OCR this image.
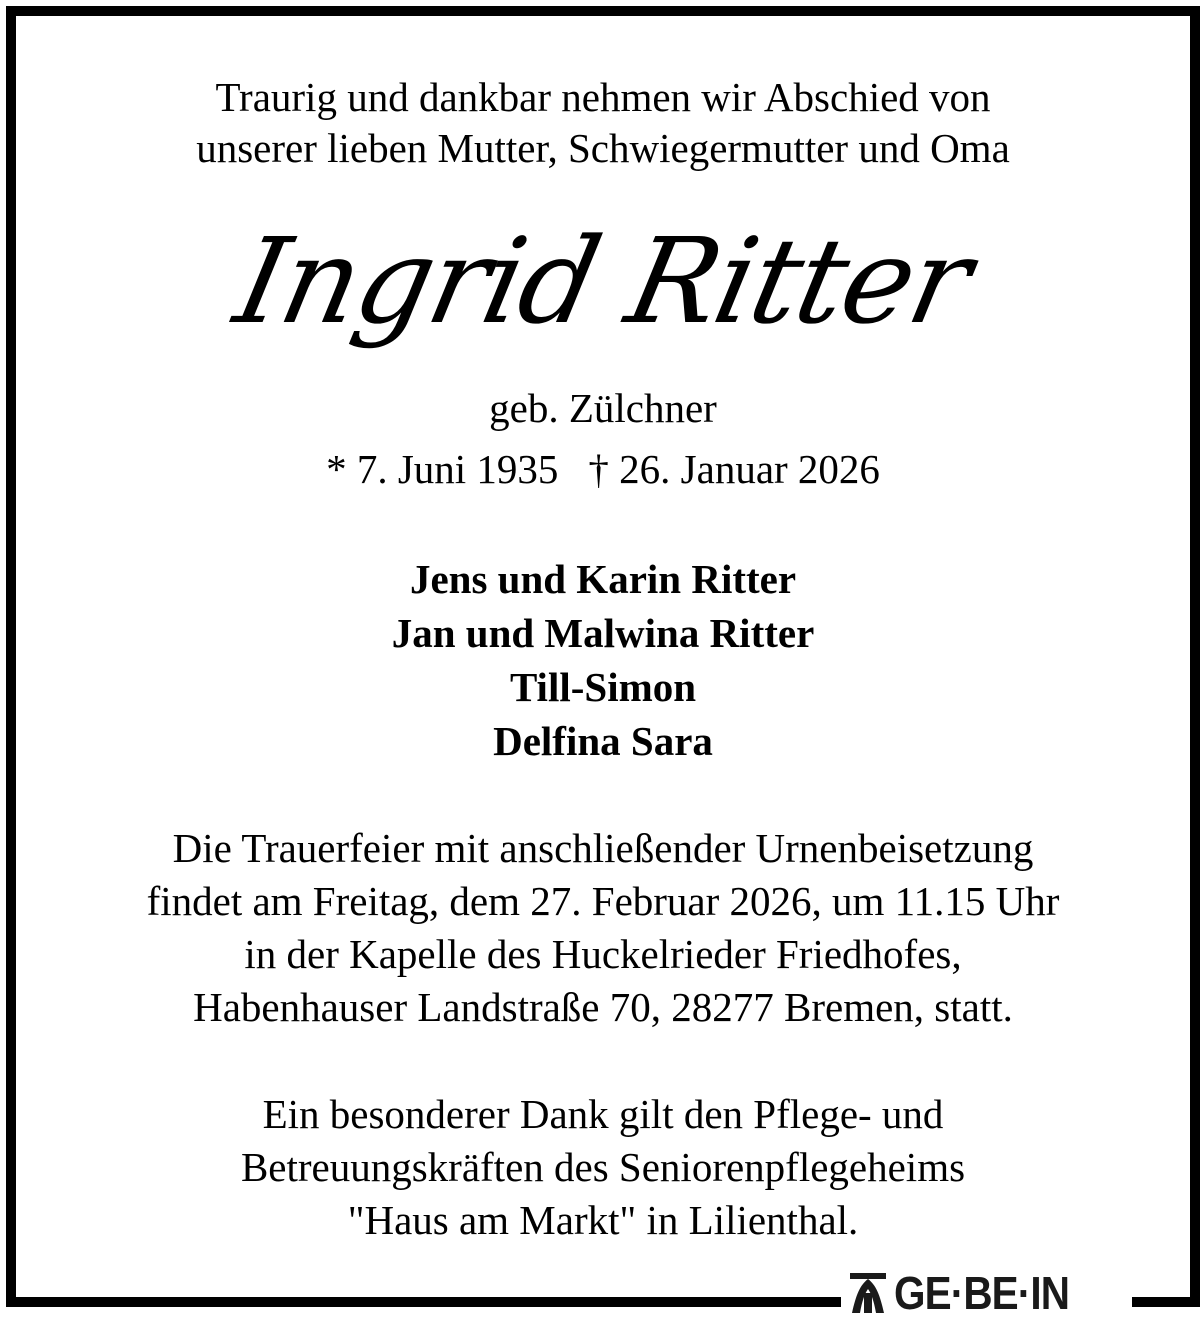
Traurig und dankbar nehmen wir Abschied von
unserer lieben Mutter, Schwiegermutter und Oma
Ingrid Ritter
geb. Zülchner
* 7. Juni 1935 † 26. Januar 2026
Jens und Karin Ritter
Jan und Malwina Ritter
Till-Simon
Delfina Sara
Die Trauerfeier mit anschließender Urnenbeisetzung
findet am Freitag, dem 27. Februar 2026, um 11.15 Uhr
in der Kapelle des Huckelrieder Friedhofes,
Habenhauser Landstraße 70, 28277 Bremen, statt.
Ein besonderer Dank gilt den Pflege- und
Betreuungskräften des Seniorenpflegeheims
"Haus am Markt" in Lilienthal.
GE·BE·IN
